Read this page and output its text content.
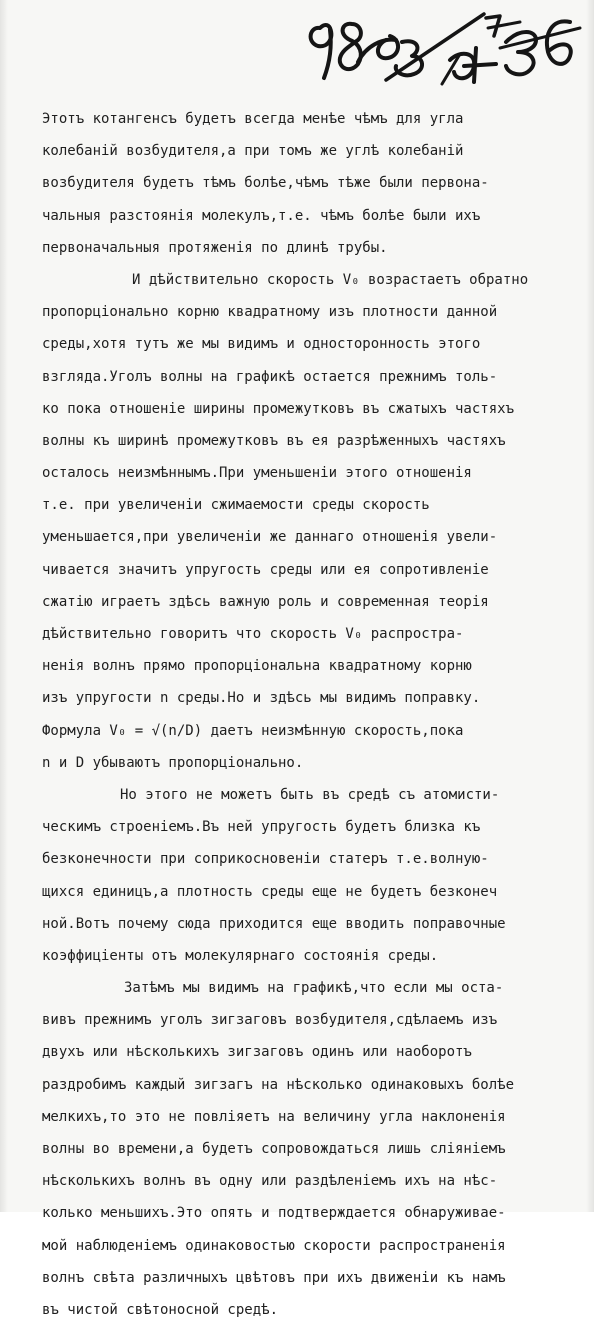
Этотъ котангенсъ будетъ всегда менѣе чѣмъ для угла
колебаній возбудителя,а при томъ же углѣ колебаній
возбудителя будетъ тѣмъ болѣе,чѣмъ тѣже были первона-
чальныя разстоянія молекулъ,т.е. чѣмъ болѣе были ихъ
первоначальныя протяженія по длинѣ трубы.
И дѣйствительно скорость V₀ возрастаетъ обратно
пропорціонально корню квадратному изъ плотности данной
среды,хотя тутъ же мы видимъ и односторонность этого
взгляда.Уголъ волны на графикѣ остается прежнимъ толь-
ко пока отношеніе ширины промежутковъ въ сжатыхъ частяхъ
волны къ ширинѣ промежутковъ въ ея разрѣженныхъ частяхъ
осталось неизмѣннымъ.При уменьшеніи этого отношенія
т.е. при увеличеніи сжимаемости среды скорость
уменьшается,при увеличеніи же даннаго отношенія увели-
чивается значитъ упругость среды или ея сопротивленіе
сжатію играетъ здѣсь важную роль и современная теорія
дѣйствительно говоритъ что скорость V₀ распростра-
ненія волнъ прямо пропорціональна квадратному корню
изъ упругости n среды.Но и здѣсь мы видимъ поправку.
Формула V₀ = √(n/D) даетъ неизмѣнную скорость,пока
n и D убываютъ пропорціонально.
Но этого не можетъ быть въ средѣ съ атомисти-
ческимъ строеніемъ.Въ ней упругость будетъ близка къ
безконечности при соприкосновеніи статеръ т.е.волную-
щихся единицъ,а плотность среды еще не будетъ безконеч
ной.Вотъ почему сюда приходится еще вводить поправочные
коэффиціенты отъ молекулярнаго состоянія среды.
Затѣмъ мы видимъ на графикѣ,что если мы оста-
вивъ прежнимъ уголъ зигзаговъ возбудителя,сдѣлаемъ изъ
двухъ или нѣсколькихъ зигзаговъ одинъ или наоборотъ
раздробимъ каждый зигзагъ на нѣсколько одинаковыхъ болѣе
мелкихъ,то это не повліяетъ на величину угла наклоненія
волны во времени,а будетъ сопровождаться лишь сліяніемъ
нѣсколькихъ волнъ въ одну или раздѣленіемъ ихъ на нѣс-
колько меньшихъ.Это опять и подтверждается обнаруживае-
мой наблюденіемъ одинаковостью скорости распространенія
волнъ свѣта различныхъ цвѣтовъ при ихъ движеніи къ намъ
въ чистой свѣтоносной средѣ.
